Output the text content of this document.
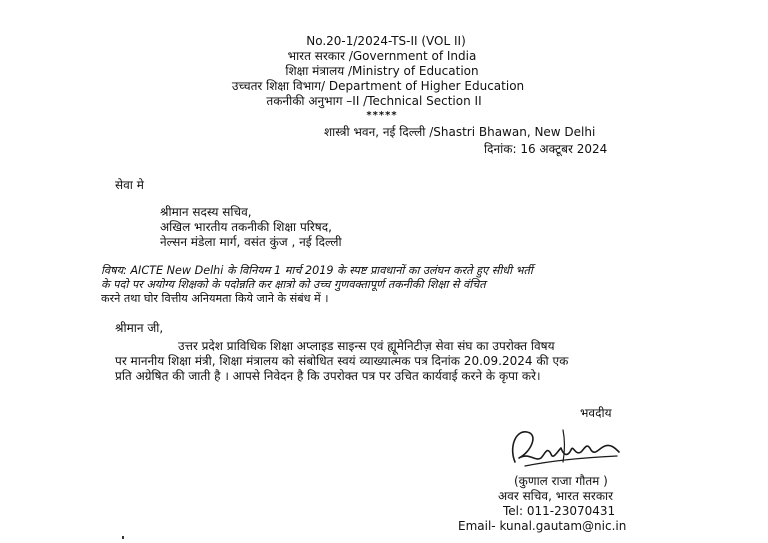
No.20-1/2024-TS-II (VOL II)
भारत सरकार /Government of India
शिक्षा मंत्रालय /Ministry of Education
उच्चतर शिक्षा विभाग/ Department of Higher Education
तकनीकी अनुभाग –II /Technical Section II
*****
शास्त्री भवन, नई दिल्ली /Shastri Bhawan, New Delhi
दिनांक: 16 अक्टूबर 2024
सेवा मे
श्रीमान सदस्य सचिव,
अखिल भारतीय तकनीकी शिक्षा परिषद,
नेल्सन मंडेला मार्ग, वसंत कुंज , नई दिल्ली
विषय: AICTE New Delhi के विनियम 1 मार्च 2019 के स्पष्ट प्रावधानों का उलंघन करते हुए सीधी भर्ती
के पदो पर अयोग्य शिक्षको के पदोन्नति कर क्षात्रो को उच्च गुणवक्तापूर्ण तकनीकी शिक्षा से वंचित
करने तथा घोर वित्तीय अनियमता किये जाने के संबंध में ।
श्रीमान जी,
उत्तर प्रदेश प्राविधिक शिक्षा अप्लाइड साइन्स एवं ह्यूमेनिटीज़ सेवा संघ का उपरोक्त विषय
पर माननीय शिक्षा मंत्री, शिक्षा मंत्रालय को संबोधित स्वयं व्याख्यात्मक पत्र दिनांक 20.09.2024 की एक
प्रति अग्रेषित की जाती है । आपसे निवेदन है कि उपरोक्त पत्र पर उचित कार्यवाई करने के कृपा करे।
भवदीय
(कुणाल राजा गौतम )
अवर सचिव, भारत सरकार
Tel: 011-23070431
Email- kunal.gautam@nic.in
